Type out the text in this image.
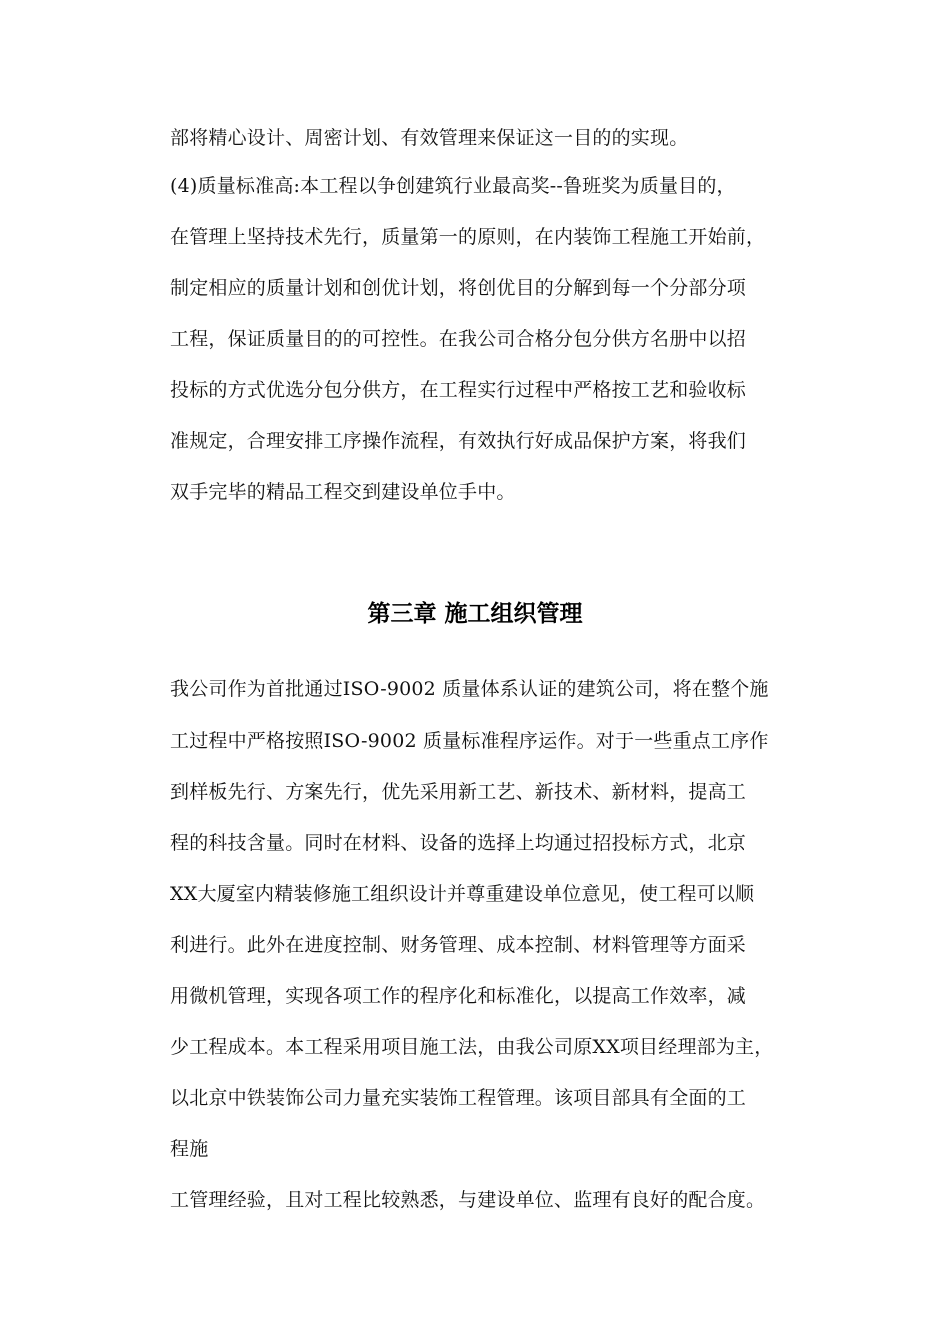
部将精心设计、周密计划、有效管理来保证这一目的的实现。

(4)质量标准高:本工程以争创建筑行业最高奖--鲁班奖为质量目的，

在管理上坚持技术先行，质量第一的原则，在内装饰工程施工开始前，

制定相应的质量计划和创优计划，将创优目的分解到每一个分部分项

工程，保证质量目的的可控性。在我公司合格分包分供方名册中以招

投标的方式优选分包分供方，在工程实行过程中严格按工艺和验收标

准规定，合理安排工序操作流程，有效执行好成品保护方案，将我们

双手完毕的精品工程交到建设单位手中。

第三章 施工组织管理

我公司作为首批通过ISO-9002 质量体系认证的建筑公司，将在整个施

工过程中严格按照ISO-9002 质量标准程序运作。对于一些重点工序作

到样板先行、方案先行，优先采用新工艺、新技术、新材料，提高工

程的科技含量。同时在材料、设备的选择上均通过招投标方式，北京

XX大厦室内精装修施工组织设计并尊重建设单位意见，使工程可以顺

利进行。此外在进度控制、财务管理、成本控制、材料管理等方面采

用微机管理，实现各项工作的程序化和标准化，以提高工作效率，减

少工程成本。本工程采用项目施工法，由我公司原XX项目经理部为主，

以北京中铁装饰公司力量充实装饰工程管理。该项目部具有全面的工

程施

工管理经验，且对工程比较熟悉，与建设单位、监理有良好的配合度。
